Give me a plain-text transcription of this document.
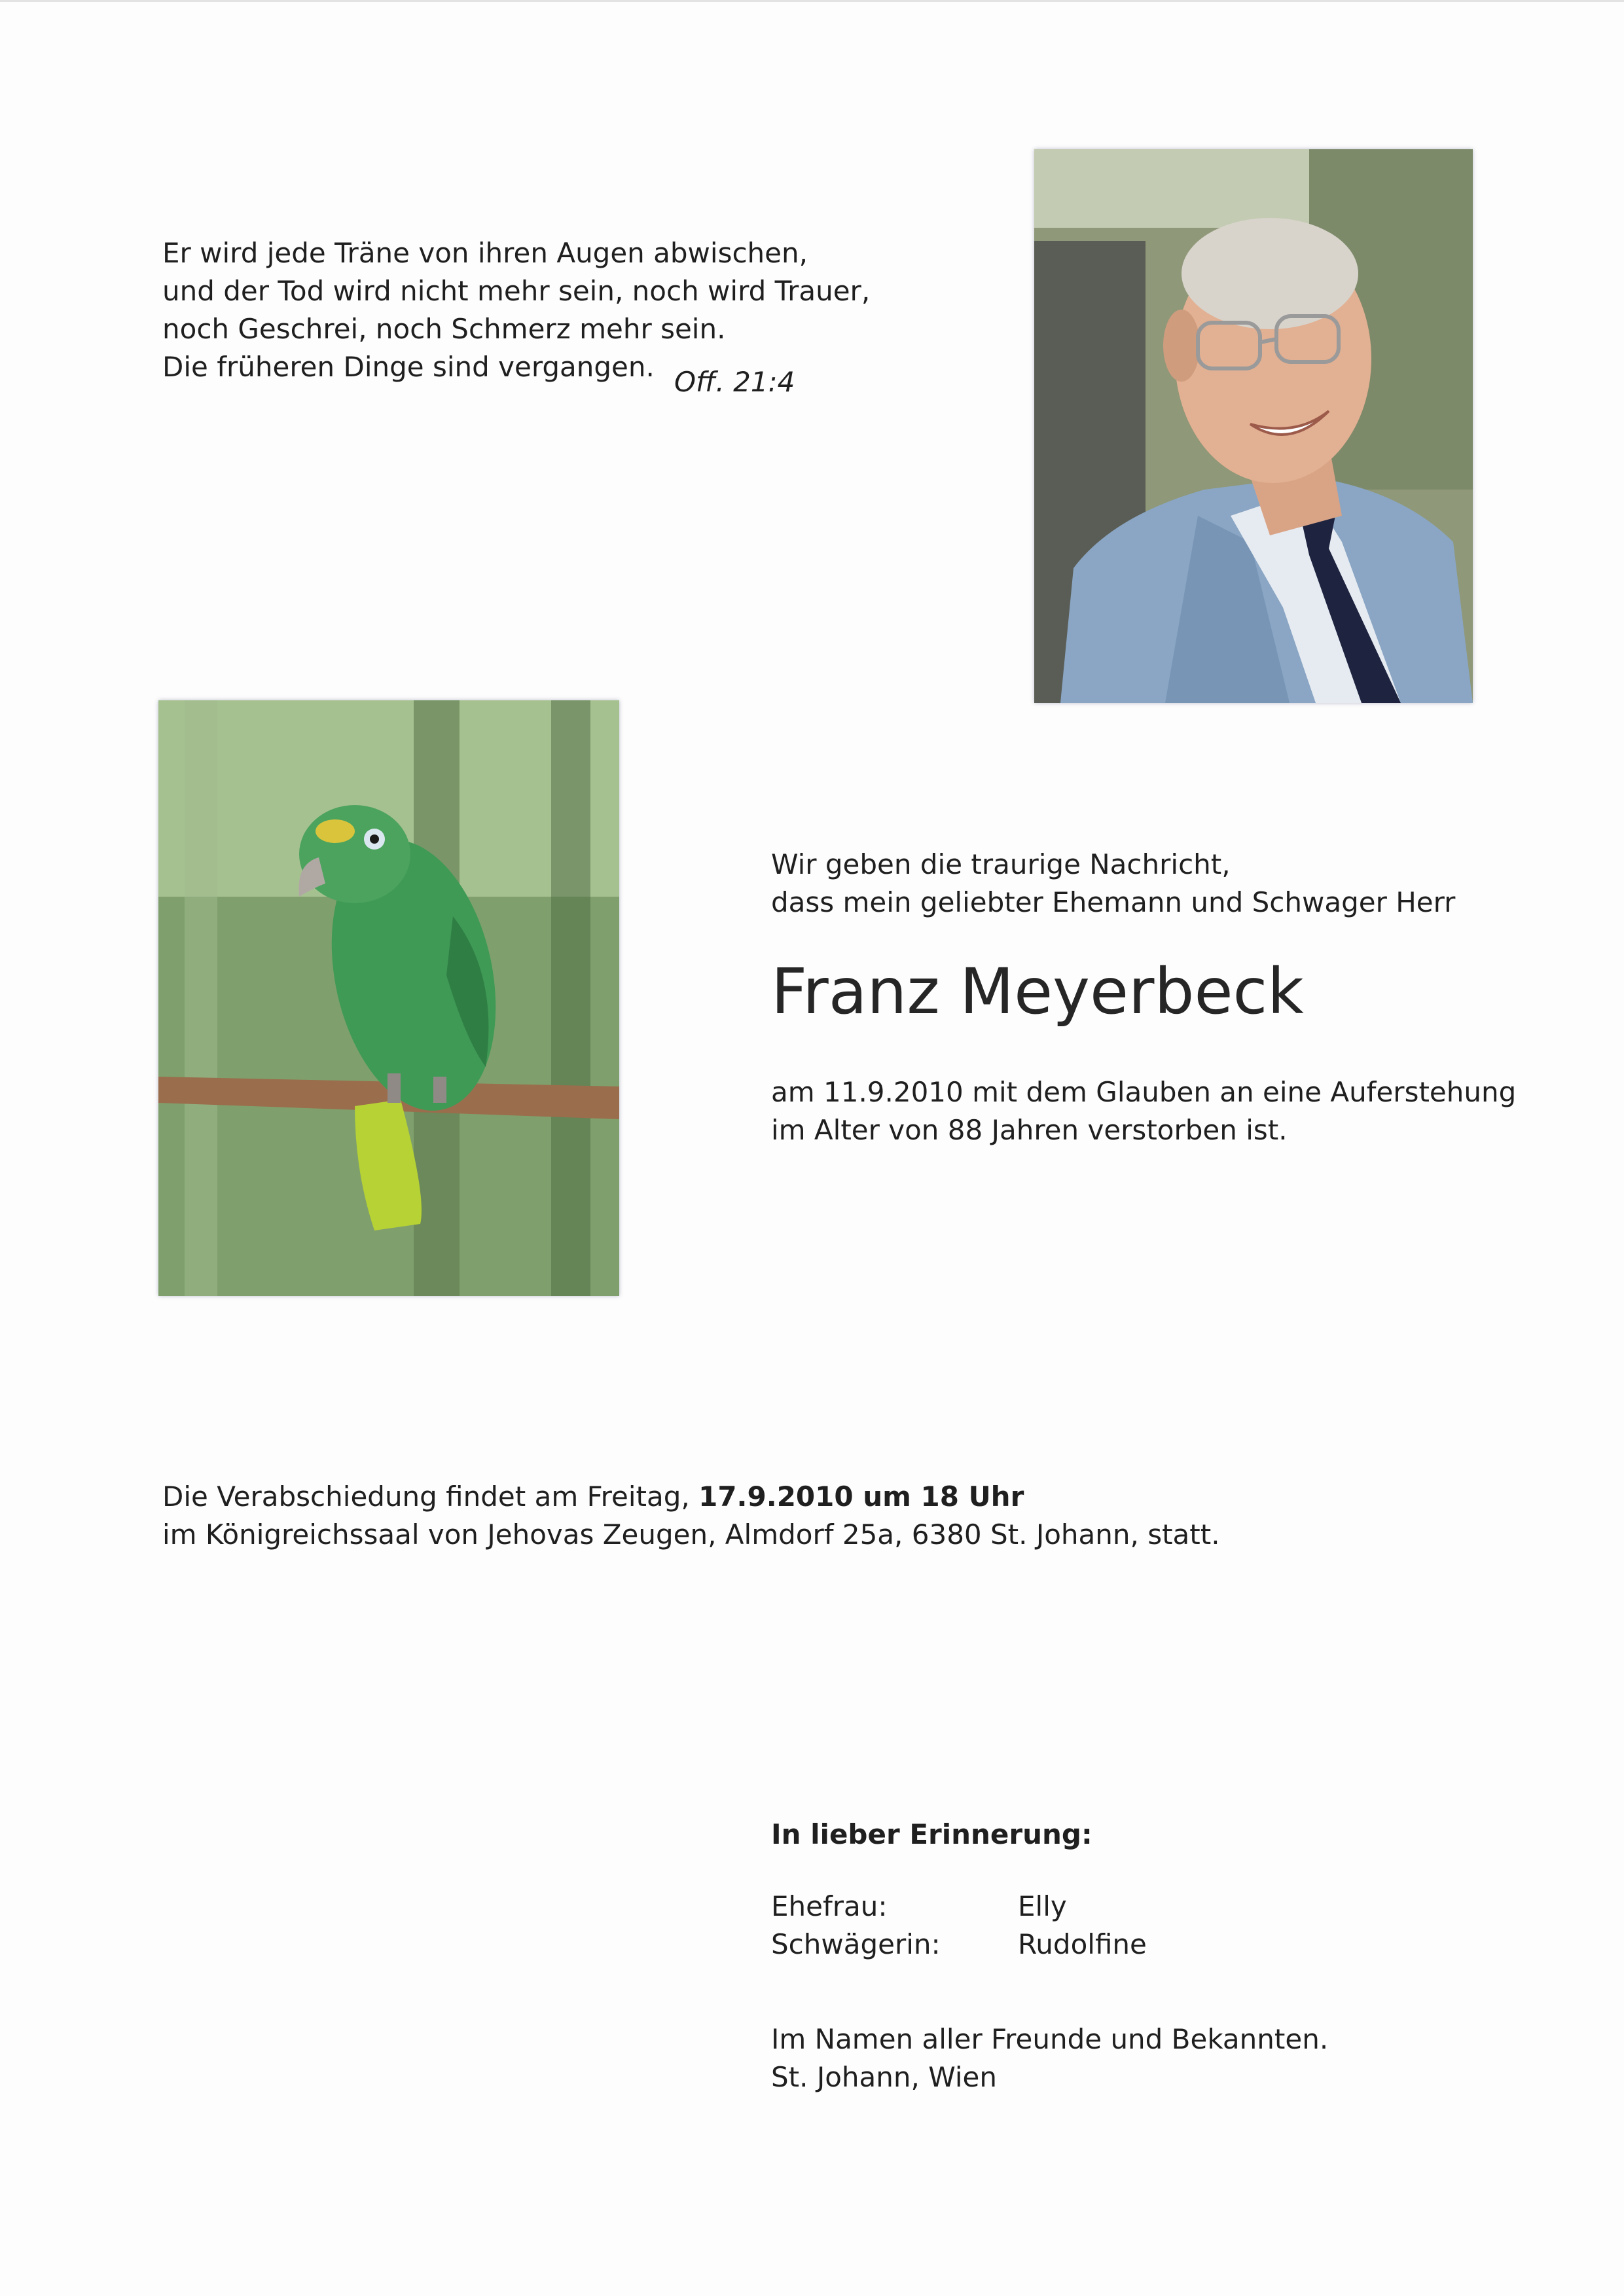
Er wird jede Träne von ihren Augen abwischen,
und der Tod wird nicht mehr sein, noch wird Trauer,
noch Geschrei, noch Schmerz mehr sein.
Die früheren Dinge sind vergangen. Off. 21:4
Wir geben die traurige Nachricht,
dass mein geliebter Ehemann und Schwager Herr
Franz Meyerbeck
am 11.9.2010 mit dem Glauben an eine Auferstehung
im Alter von 88 Jahren verstorben ist.
Die Verabschiedung findet am Freitag, 17.9.2010 um 18 Uhr
im Königreichssaal von Jehovas Zeugen, Almdorf 25a, 6380 St. Johann, statt.
In lieber Erinnerung:
Ehefrau:	Elly
Schwägerin:	Rudolfine
Im Namen aller Freunde und Bekannten.
St. Johann, Wien
